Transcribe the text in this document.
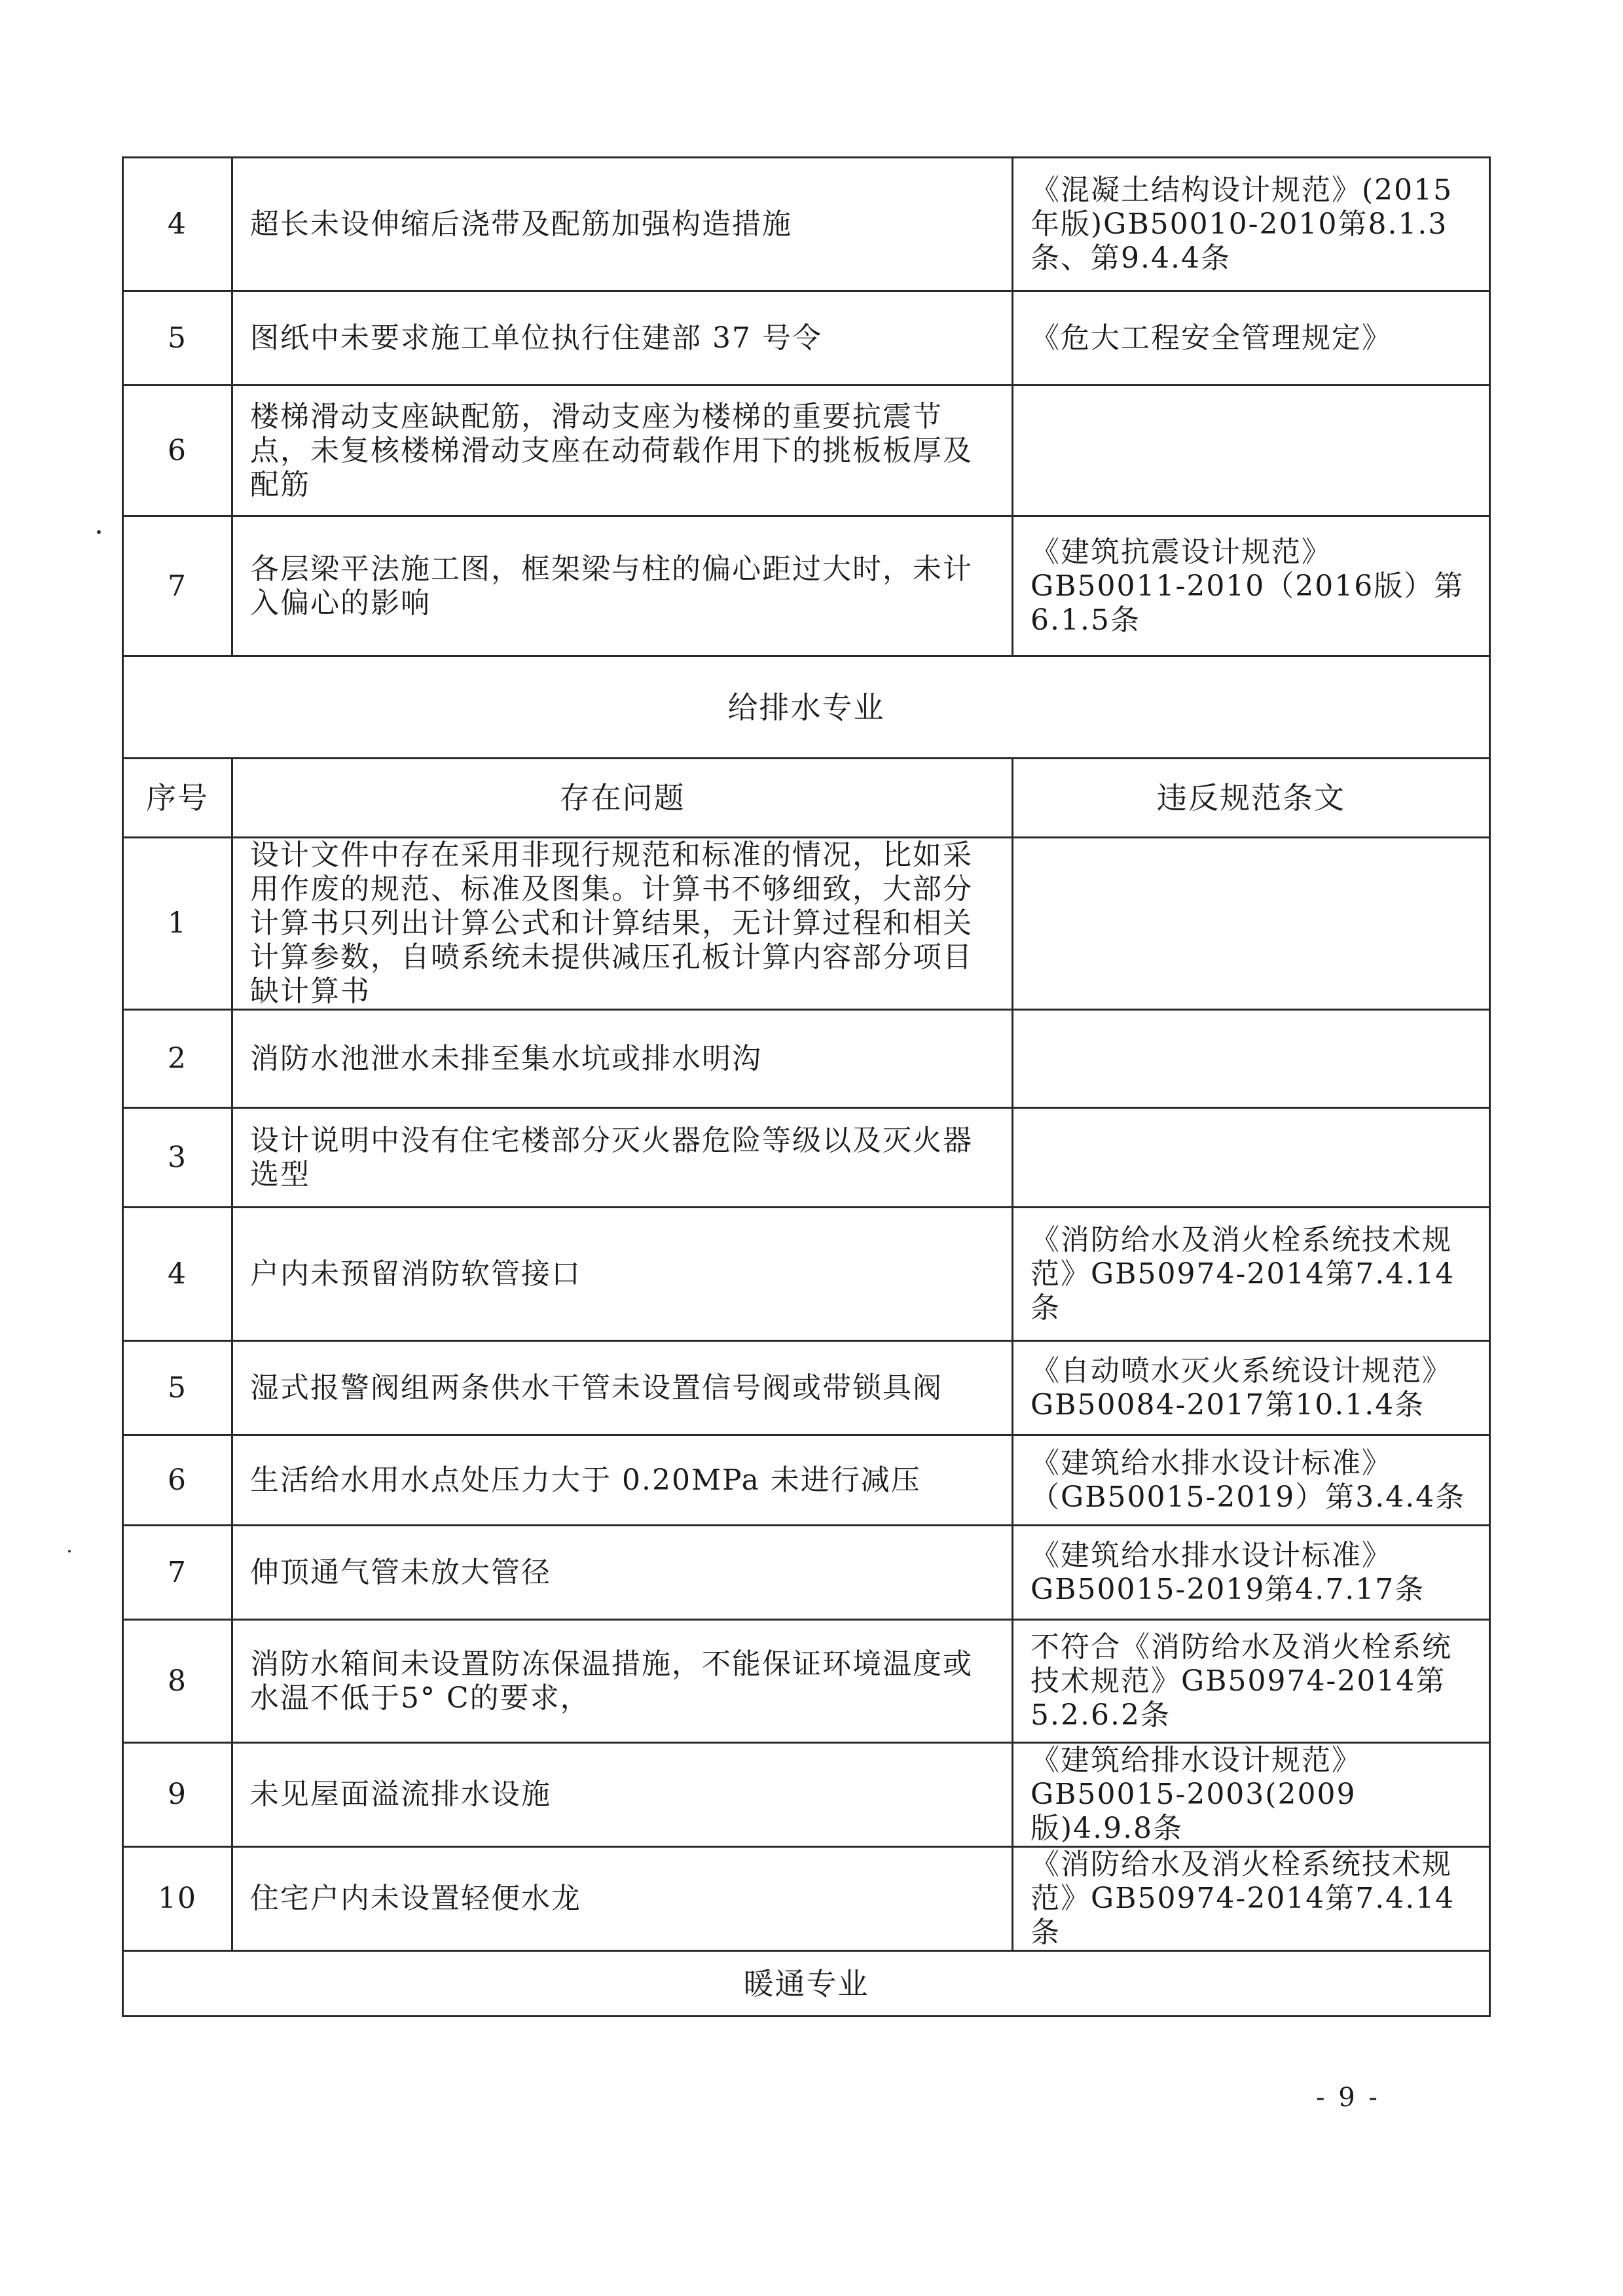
4	超长未设伸缩后浇带及配筋加强构造措施	《混凝土结构设计规范》(2015年版)GB50010-2010第8.1.3条、第9.4.4条
5	图纸中未要求施工单位执行住建部 37 号令	《危大工程安全管理规定》
6	楼梯滑动支座缺配筋，滑动支座为楼梯的重要抗震节点，未复核楼梯滑动支座在动荷载作用下的挑板板厚及配筋	
7	各层梁平法施工图，框架梁与柱的偏心距过大时，未计入偏心的影响	《建筑抗震设计规范》GB50011-2010（2016版）第6.1.5条
给排水专业		
序号	存在问题	违反规范条文
1	设计文件中存在采用非现行规范和标准的情况，比如采用作废的规范、标准及图集。计算书不够细致，大部分计算书只列出计算公式和计算结果，无计算过程和相关计算参数，自喷系统未提供减压孔板计算内容部分项目缺计算书	
2	消防水池泄水未排至集水坑或排水明沟	
3	设计说明中没有住宅楼部分灭火器危险等级以及灭火器选型	
4	户内未预留消防软管接口	《消防给水及消火栓系统技术规范》GB50974-2014第7.4.14条
5	湿式报警阀组两条供水干管未设置信号阀或带锁具阀	《自动喷水灭火系统设计规范》GB50084-2017第10.1.4条
6	生活给水用水点处压力大于 0.20MPa 未进行减压	《建筑给水排水设计标准》（GB50015-2019）第3.4.4条
7	伸顶通气管未放大管径	《建筑给水排水设计标准》GB50015-2019第4.7.17条
8	消防水箱间未设置防冻保温措施，不能保证环境温度或水温不低于5° C的要求，	不符合《消防给水及消火栓系统技术规范》GB50974-2014第5.2.6.2条
9	未见屋面溢流排水设施	《建筑给排水设计规范》GB50015-2003(2009版)4.9.8条
10	住宅户内未设置轻便水龙	《消防给水及消火栓系统技术规范》GB50974-2014第7.4.14条
暖通专业		
- 9 -
